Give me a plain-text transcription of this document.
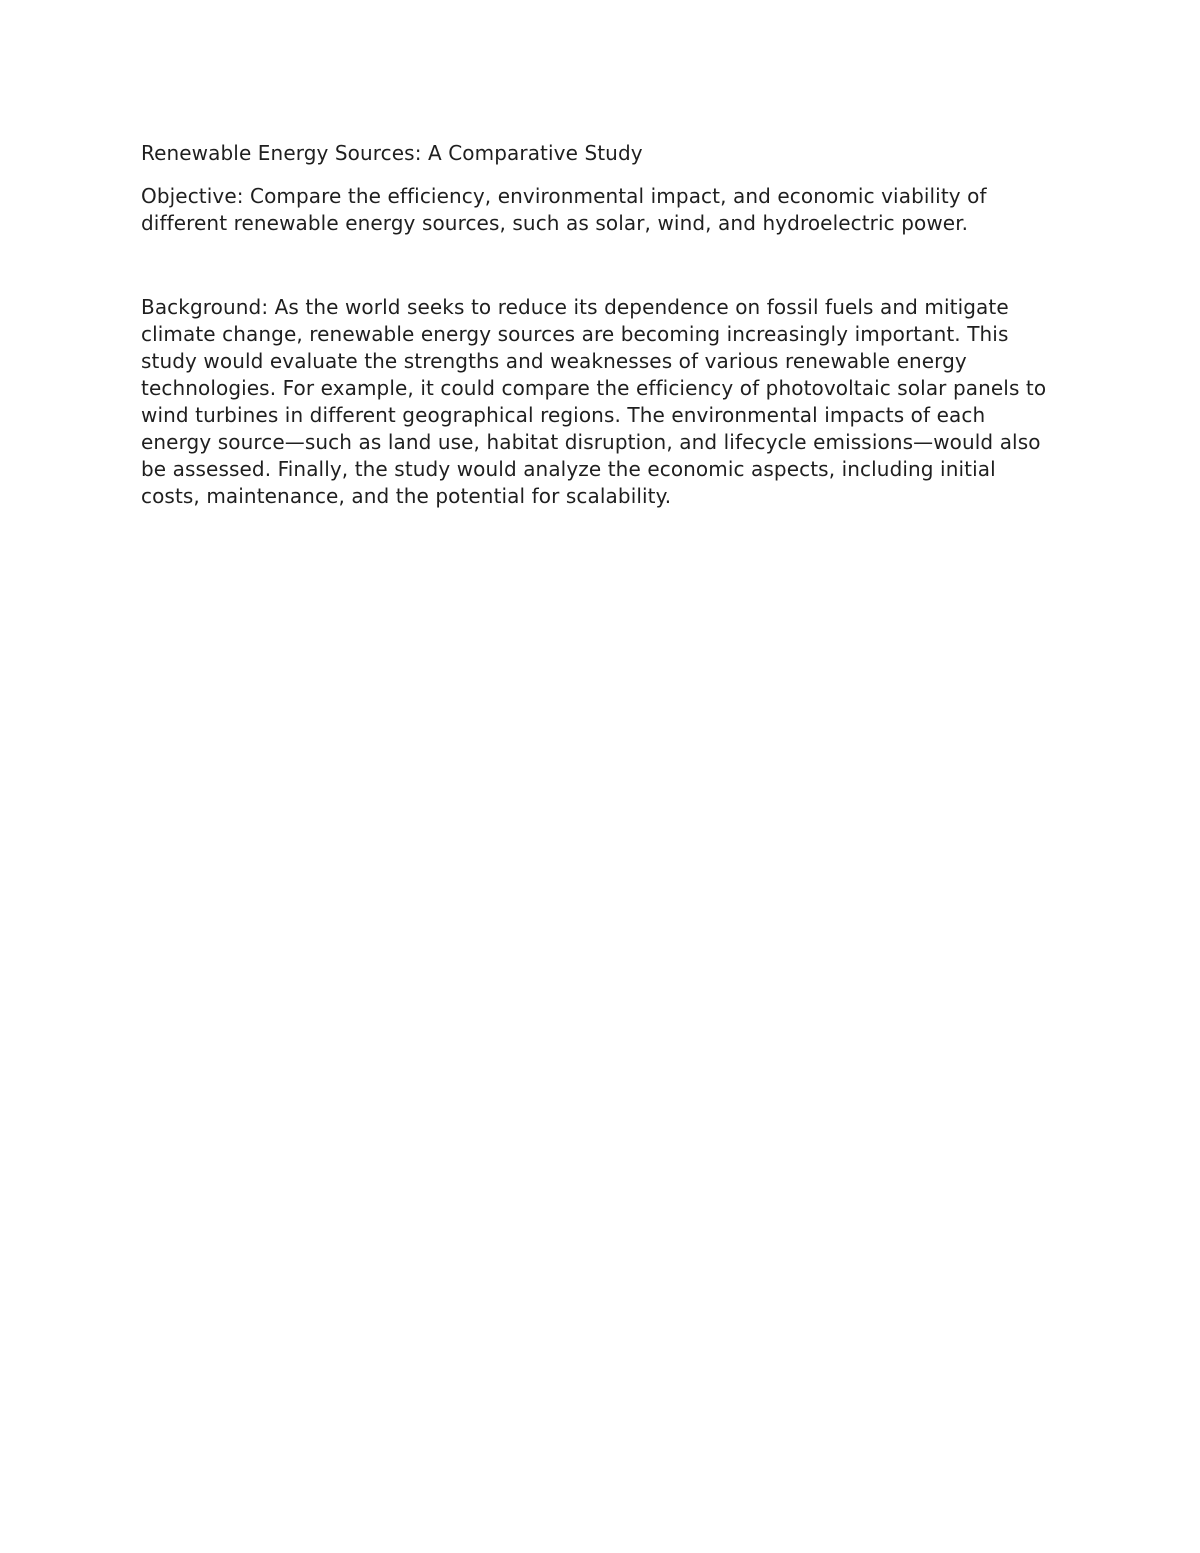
Renewable Energy Sources: A Comparative Study

Objective: Compare the efficiency, environmental impact, and economic viability of different renewable energy sources, such as solar, wind, and hydroelectric power.

Background: As the world seeks to reduce its dependence on fossil fuels and mitigate climate change, renewable energy sources are becoming increasingly important. This study would evaluate the strengths and weaknesses of various renewable energy technologies. For example, it could compare the efficiency of photovoltaic solar panels to wind turbines in different geographical regions. The environmental impacts of each energy source—such as land use, habitat disruption, and lifecycle emissions—would also be assessed. Finally, the study would analyze the economic aspects, including initial costs, maintenance, and the potential for scalability.
